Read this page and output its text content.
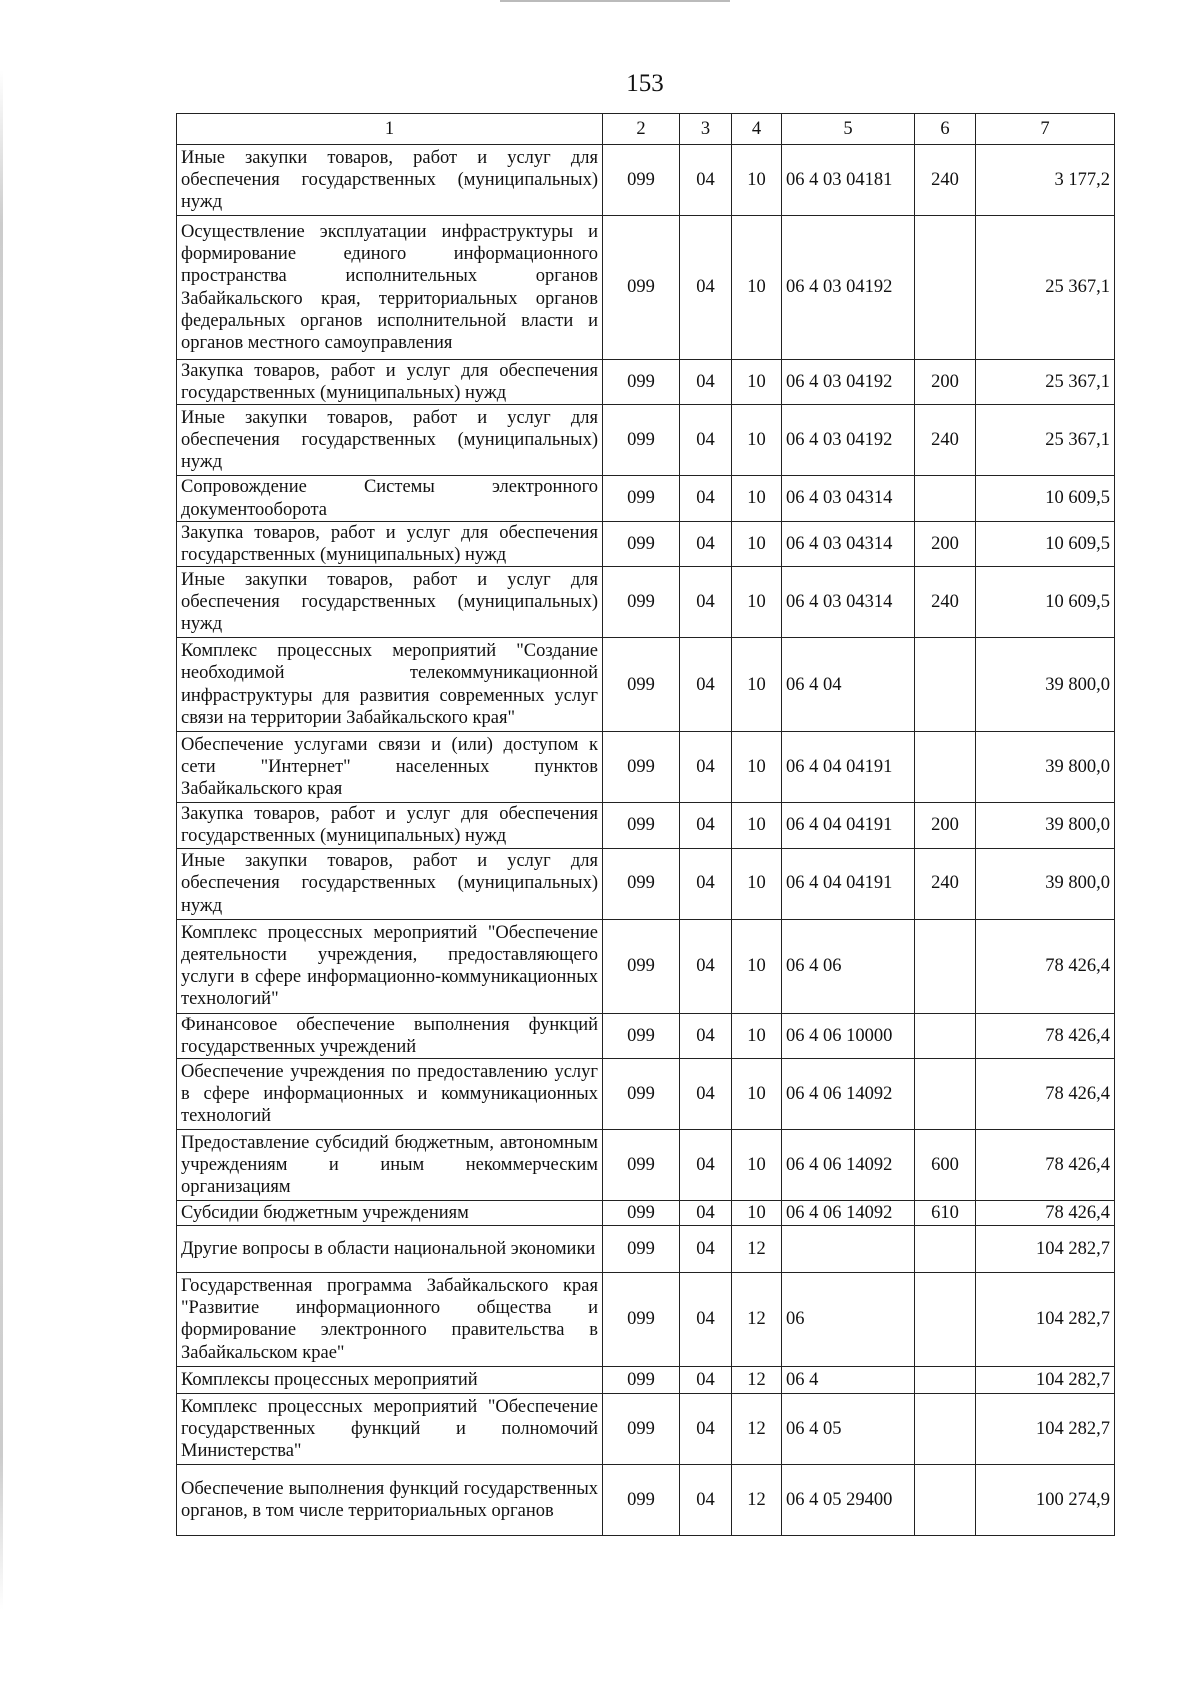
153
1	2	3	4	5	6	7
Иные закупки товаров, работ и услуг для обеспечения государственных (муниципальных) нужд	099	04	10	06 4 03 04181	240	3 177,2
Осуществление эксплуатации инфраструктуры и формирование единого информационного пространства исполнительных органов Забайкальского края, территориальных органов федеральных органов исполнительной власти и органов местного самоуправления	099	04	10	06 4 03 04192		25 367,1
Закупка товаров, работ и услуг для обеспечения государственных (муниципальных) нужд	099	04	10	06 4 03 04192	200	25 367,1
Иные закупки товаров, работ и услуг для обеспечения государственных (муниципальных) нужд	099	04	10	06 4 03 04192	240	25 367,1
Сопровождение Системы электронного документооборота	099	04	10	06 4 03 04314		10 609,5
Закупка товаров, работ и услуг для обеспечения государственных (муниципальных) нужд	099	04	10	06 4 03 04314	200	10 609,5
Иные закупки товаров, работ и услуг для обеспечения государственных (муниципальных) нужд	099	04	10	06 4 03 04314	240	10 609,5
Комплекс процессных мероприятий "Создание необходимой телекоммуникационной инфраструктуры для развития современных услуг связи на территории Забайкальского края"	099	04	10	06 4 04		39 800,0
Обеспечение услугами связи и (или) доступом к сети "Интернет" населенных пунктов Забайкальского края	099	04	10	06 4 04 04191		39 800,0
Закупка товаров, работ и услуг для обеспечения государственных (муниципальных) нужд	099	04	10	06 4 04 04191	200	39 800,0
Иные закупки товаров, работ и услуг для обеспечения государственных (муниципальных) нужд	099	04	10	06 4 04 04191	240	39 800,0
Комплекс процессных мероприятий "Обеспечение деятельности учреждения, предоставляющего услуги в сфере информационно-коммуникационных технологий"	099	04	10	06 4 06		78 426,4
Финансовое обеспечение выполнения функций государственных учреждений	099	04	10	06 4 06 10000		78 426,4
Обеспечение учреждения по предоставлению услуг в сфере информационных и коммуникационных технологий	099	04	10	06 4 06 14092		78 426,4
Предоставление субсидий бюджетным, автономным учреждениям и иным некоммерческим организациям	099	04	10	06 4 06 14092	600	78 426,4
Субсидии бюджетным учреждениям	099	04	10	06 4 06 14092	610	78 426,4
Другие вопросы в области национальной экономики	099	04	12			104 282,7
Государственная программа Забайкальского края "Развитие информационного общества и формирование электронного правительства в Забайкальском крае"	099	04	12	06		104 282,7
Комплексы процессных мероприятий	099	04	12	06 4		104 282,7
Комплекс процессных мероприятий "Обеспечение государственных функций и полномочий Министерства"	099	04	12	06 4 05		104 282,7
Обеспечение выполнения функций государственных органов, в том числе территориальных органов	099	04	12	06 4 05 29400		100 274,9
